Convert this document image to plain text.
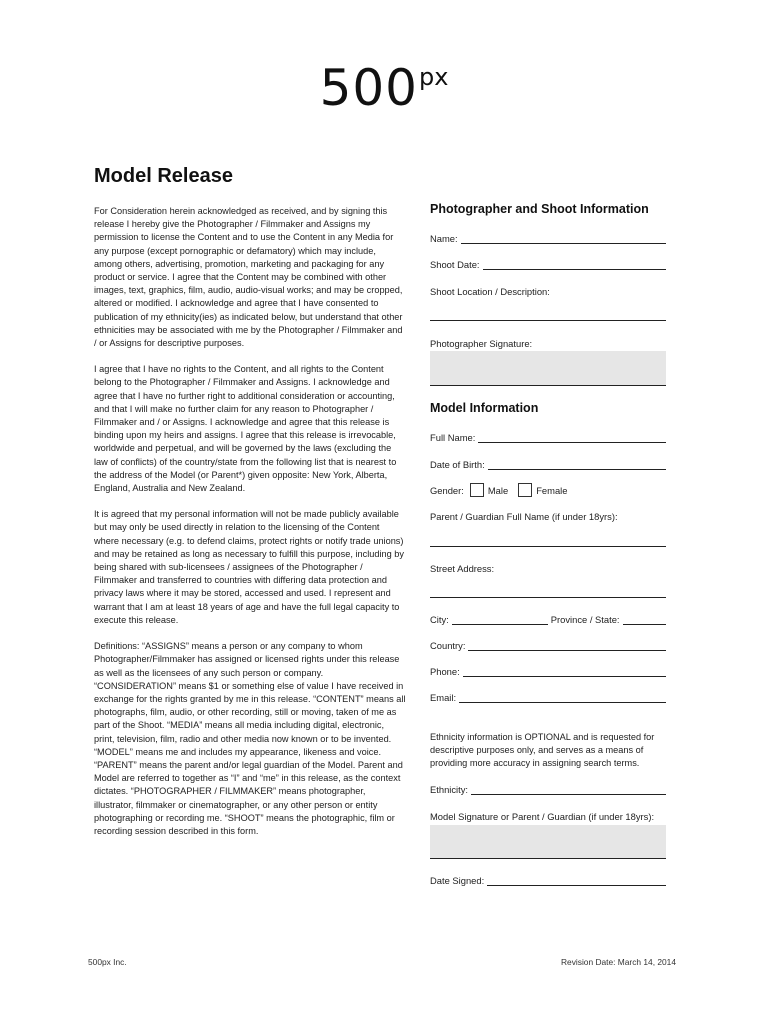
$500^{px}$
Model Release

For Consideration herein acknowledged as received, and by signing this release I hereby give the Photographer / Filmmaker and Assigns my permission to license the Content and to use the Content in any Media for any purpose (except pornographic or defamatory) which may include, among others, advertising, promotion, marketing and packaging for any product or service. I agree that the Content may be combined with other images, text, graphics, film, audio, audio-visual works; and may be cropped, altered or modified. I acknowledge and agree that I have consented to publication of my ethnicity(ies) as indicated below, but understand that other ethnicities may be associated with me by the Photographer / Filmmaker and / or Assigns for descriptive purposes.

I agree that I have no rights to the Content, and all rights to the Content belong to the Photographer / Filmmaker and Assigns. I acknowledge and agree that I have no further right to additional consideration or accounting, and that I will make no further claim for any reason to Photographer / Filmmaker and / or Assigns. I acknowledge and agree that this release is binding upon my heirs and assigns. I agree that this release is irrevocable, worldwide and perpetual, and will be governed by the laws (excluding the law of conflicts) of the country/state from the following list that is nearest to the address of the Model (or Parent*) given opposite: New York, Alberta, England, Australia and New Zealand.

It is agreed that my personal information will not be made publicly available but may only be used directly in relation to the licensing of the Content where necessary (e.g. to defend claims, protect rights or notify trade unions) and may be retained as long as necessary to fulfill this purpose, including by being shared with sub-licensees / assignees of the Photographer / Filmmaker and transferred to countries with differing data protection and privacy laws where it may be stored, accessed and used. I represent and warrant that I am at least 18 years of age and have the full legal capacity to execute this release.

Definitions: “ASSIGNS” means a person or any company to whom Photographer/Filmmaker has assigned or licensed rights under this release as well as the licensees of any such person or company. “CONSIDERATION” means $1 or something else of value I have received in exchange for the rights granted by me in this release. “CONTENT” means all photographs, film, audio, or other recording, still or moving, taken of me as part of the Shoot. “MEDIA” means all media including digital, electronic, print, television, film, radio and other media now known or to be invented. “MODEL” means me and includes my appearance, likeness and voice. “PARENT” means the parent and/or legal guardian of the Model. Parent and Model are referred to together as “I” and “me” in this release, as the context dictates. “PHOTOGRAPHER / FILMMAKER” means photographer, illustrator, filmmaker or cinematographer, or any other person or entity photographing or recording me. “SHOOT” means the photographic, film or recording session described in this form.

Photographer and Shoot Information
Name:
Shoot Date:
Shoot Location / Description:
Photographer Signature:
Model Information
Full Name:
Date of Birth:
Gender:	Male	Female
Parent / Guardian Full Name (if under 18yrs):
Street Address:
City:	Province / State:
Country:
Phone:
Email:
Ethnicity information is OPTIONAL and is requested for descriptive purposes only, and serves as a means of providing more accuracy in assigning search terms.
Ethnicity:
Model Signature or Parent / Guardian (if under 18yrs):
Date Signed:
500px Inc.	Revision Date: March 14, 2014
